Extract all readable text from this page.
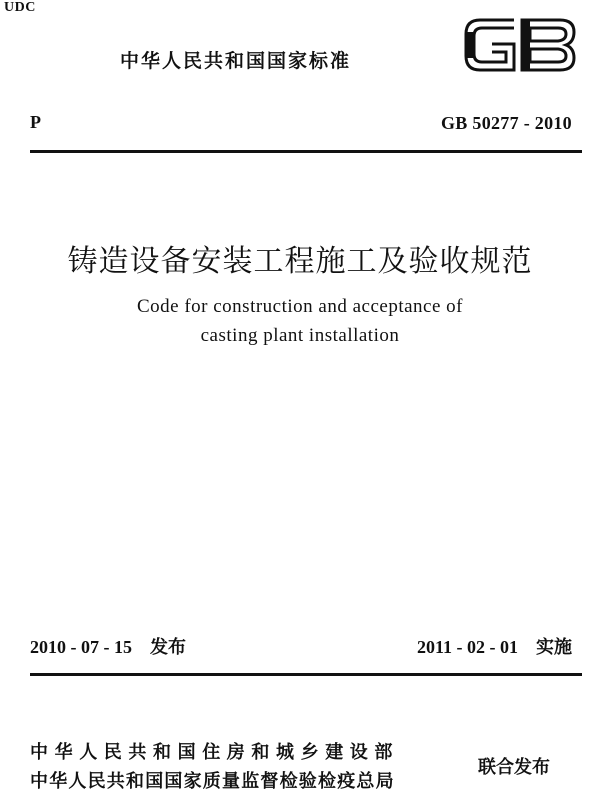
UDC
中华人民共和国国家标准
GB
P	GB 50277 - 2010
铸造设备安装工程施工及验收规范
Code for construction and acceptance of
casting plant installation
2010 - 07 - 15 发布	2011 - 02 - 01 实施
中华人民共和国住房和城乡建设部
中华人民共和国国家质量监督检验检疫总局
联合发布
